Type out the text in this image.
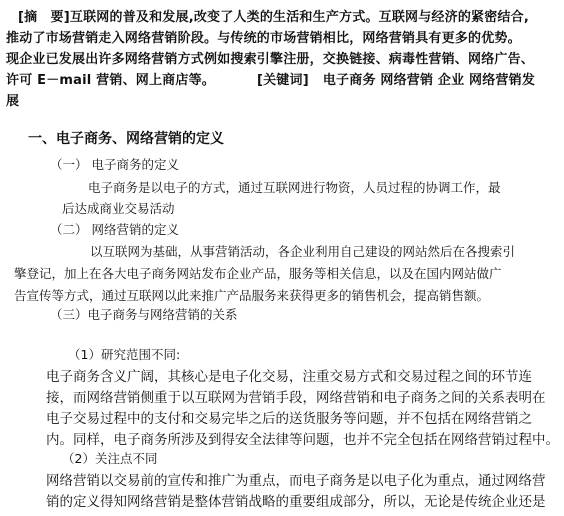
[摘　要]互联网的普及和发展,改变了人类的生活和生产方式。互联网与经济的紧密结合,
推动了市场营销走入网络营销阶段。与传统的市场营销相比，网络营销具有更多的优势。
现企业已发展出许多网络营销方式例如搜索引擎注册，交换链接、病毒性营销、网络广告、
许可 E－mail 营销、网上商店等。	[关键词] 电子商务 网络营销 企业 网络营销发
展
一、电子商务、网络营销的定义
（一） 电子商务的定义
电子商务是以电子的方式，通过互联网进行物资，人员过程的协调工作，最
后达成商业交易活动
（二） 网络营销的定义
以互联网为基础，从事营销活动，各企业利用自己建设的网站然后在各搜索引
擎登记，加上在各大电子商务网站发布企业产品，服务等相关信息，以及在国内网站做广
告宣传等方式，通过互联网以此来推广产品服务来获得更多的销售机会，提高销售额。
（三）电子商务与网络营销的关系
（1）研究范围不同:
电子商务含义广阔，其核心是电子化交易，注重交易方式和交易过程之间的环节连
接，而网络营销侧重于以互联网为营销手段，网络营销和电子商务之间的关系表明在
电子交易过程中的支付和交易完毕之后的送货服务等问题，并不包括在网络营销之
内。同样，电子商务所涉及到得安全法律等问题，也并不完全包括在网络营销过程中。
（2）关注点不同
网络营销以交易前的宣传和推广为重点，而电子商务是以电子化为重点，通过网络营
销的定义得知网络营销是整体营销战略的重要组成部分，所以，无论是传统企业还是
